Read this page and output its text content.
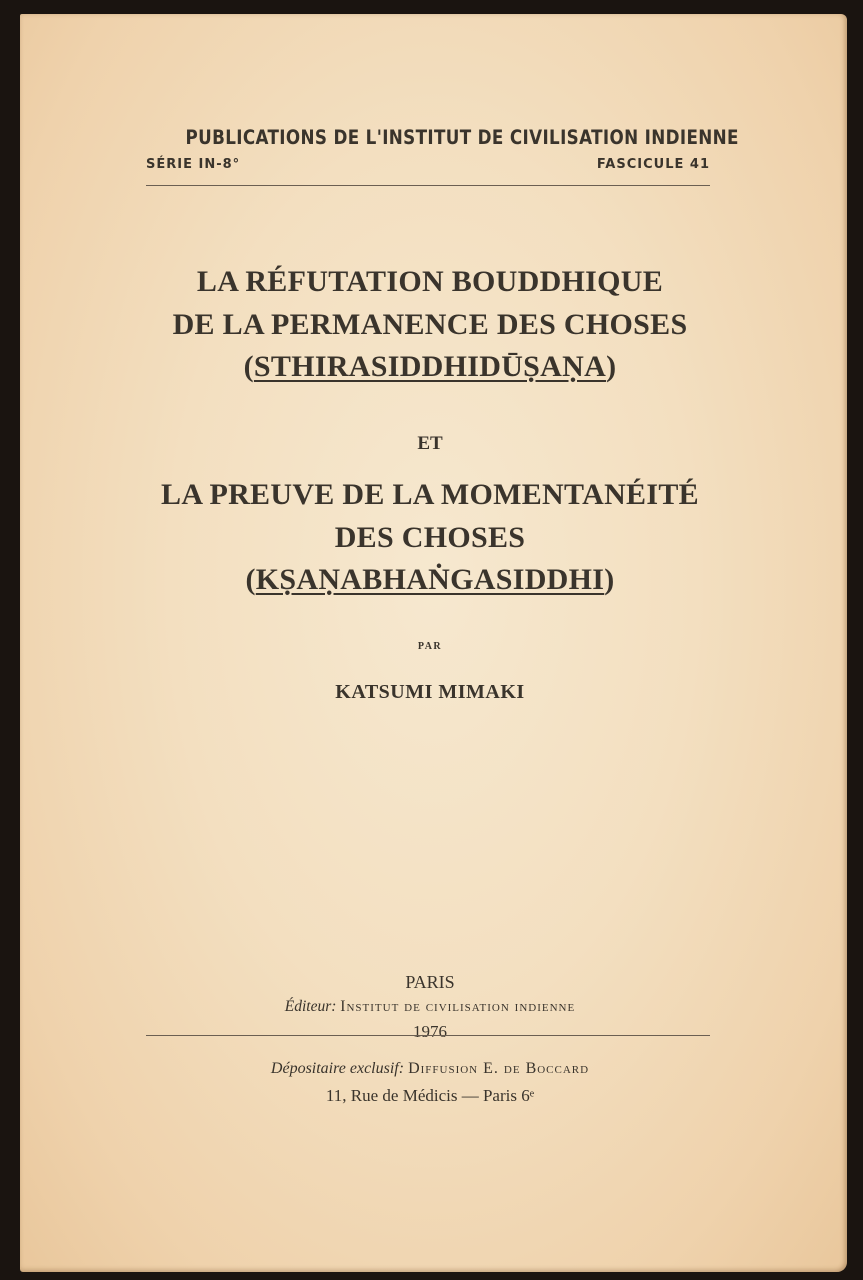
PUBLICATIONS DE L'INSTITUT DE CIVILISATION INDIENNE
SÉRIE IN-8°	FASCICULE 41
LA RÉFUTATION BOUDDHIQUE
DE LA PERMANENCE DES CHOSES
(STHIRASIDDHIDŪṢAṆA)
ET
LA PREUVE DE LA MOMENTANÉITÉ
DES CHOSES
(KṢAṆABHAṄGASIDDHI)
PAR
KATSUMI MIMAKI
PARIS
Éditeur: Institut de civilisation indienne
1976
Dépositaire exclusif: Diffusion E. de Boccard
11, Rue de Médicis — Paris 6ᵉ
